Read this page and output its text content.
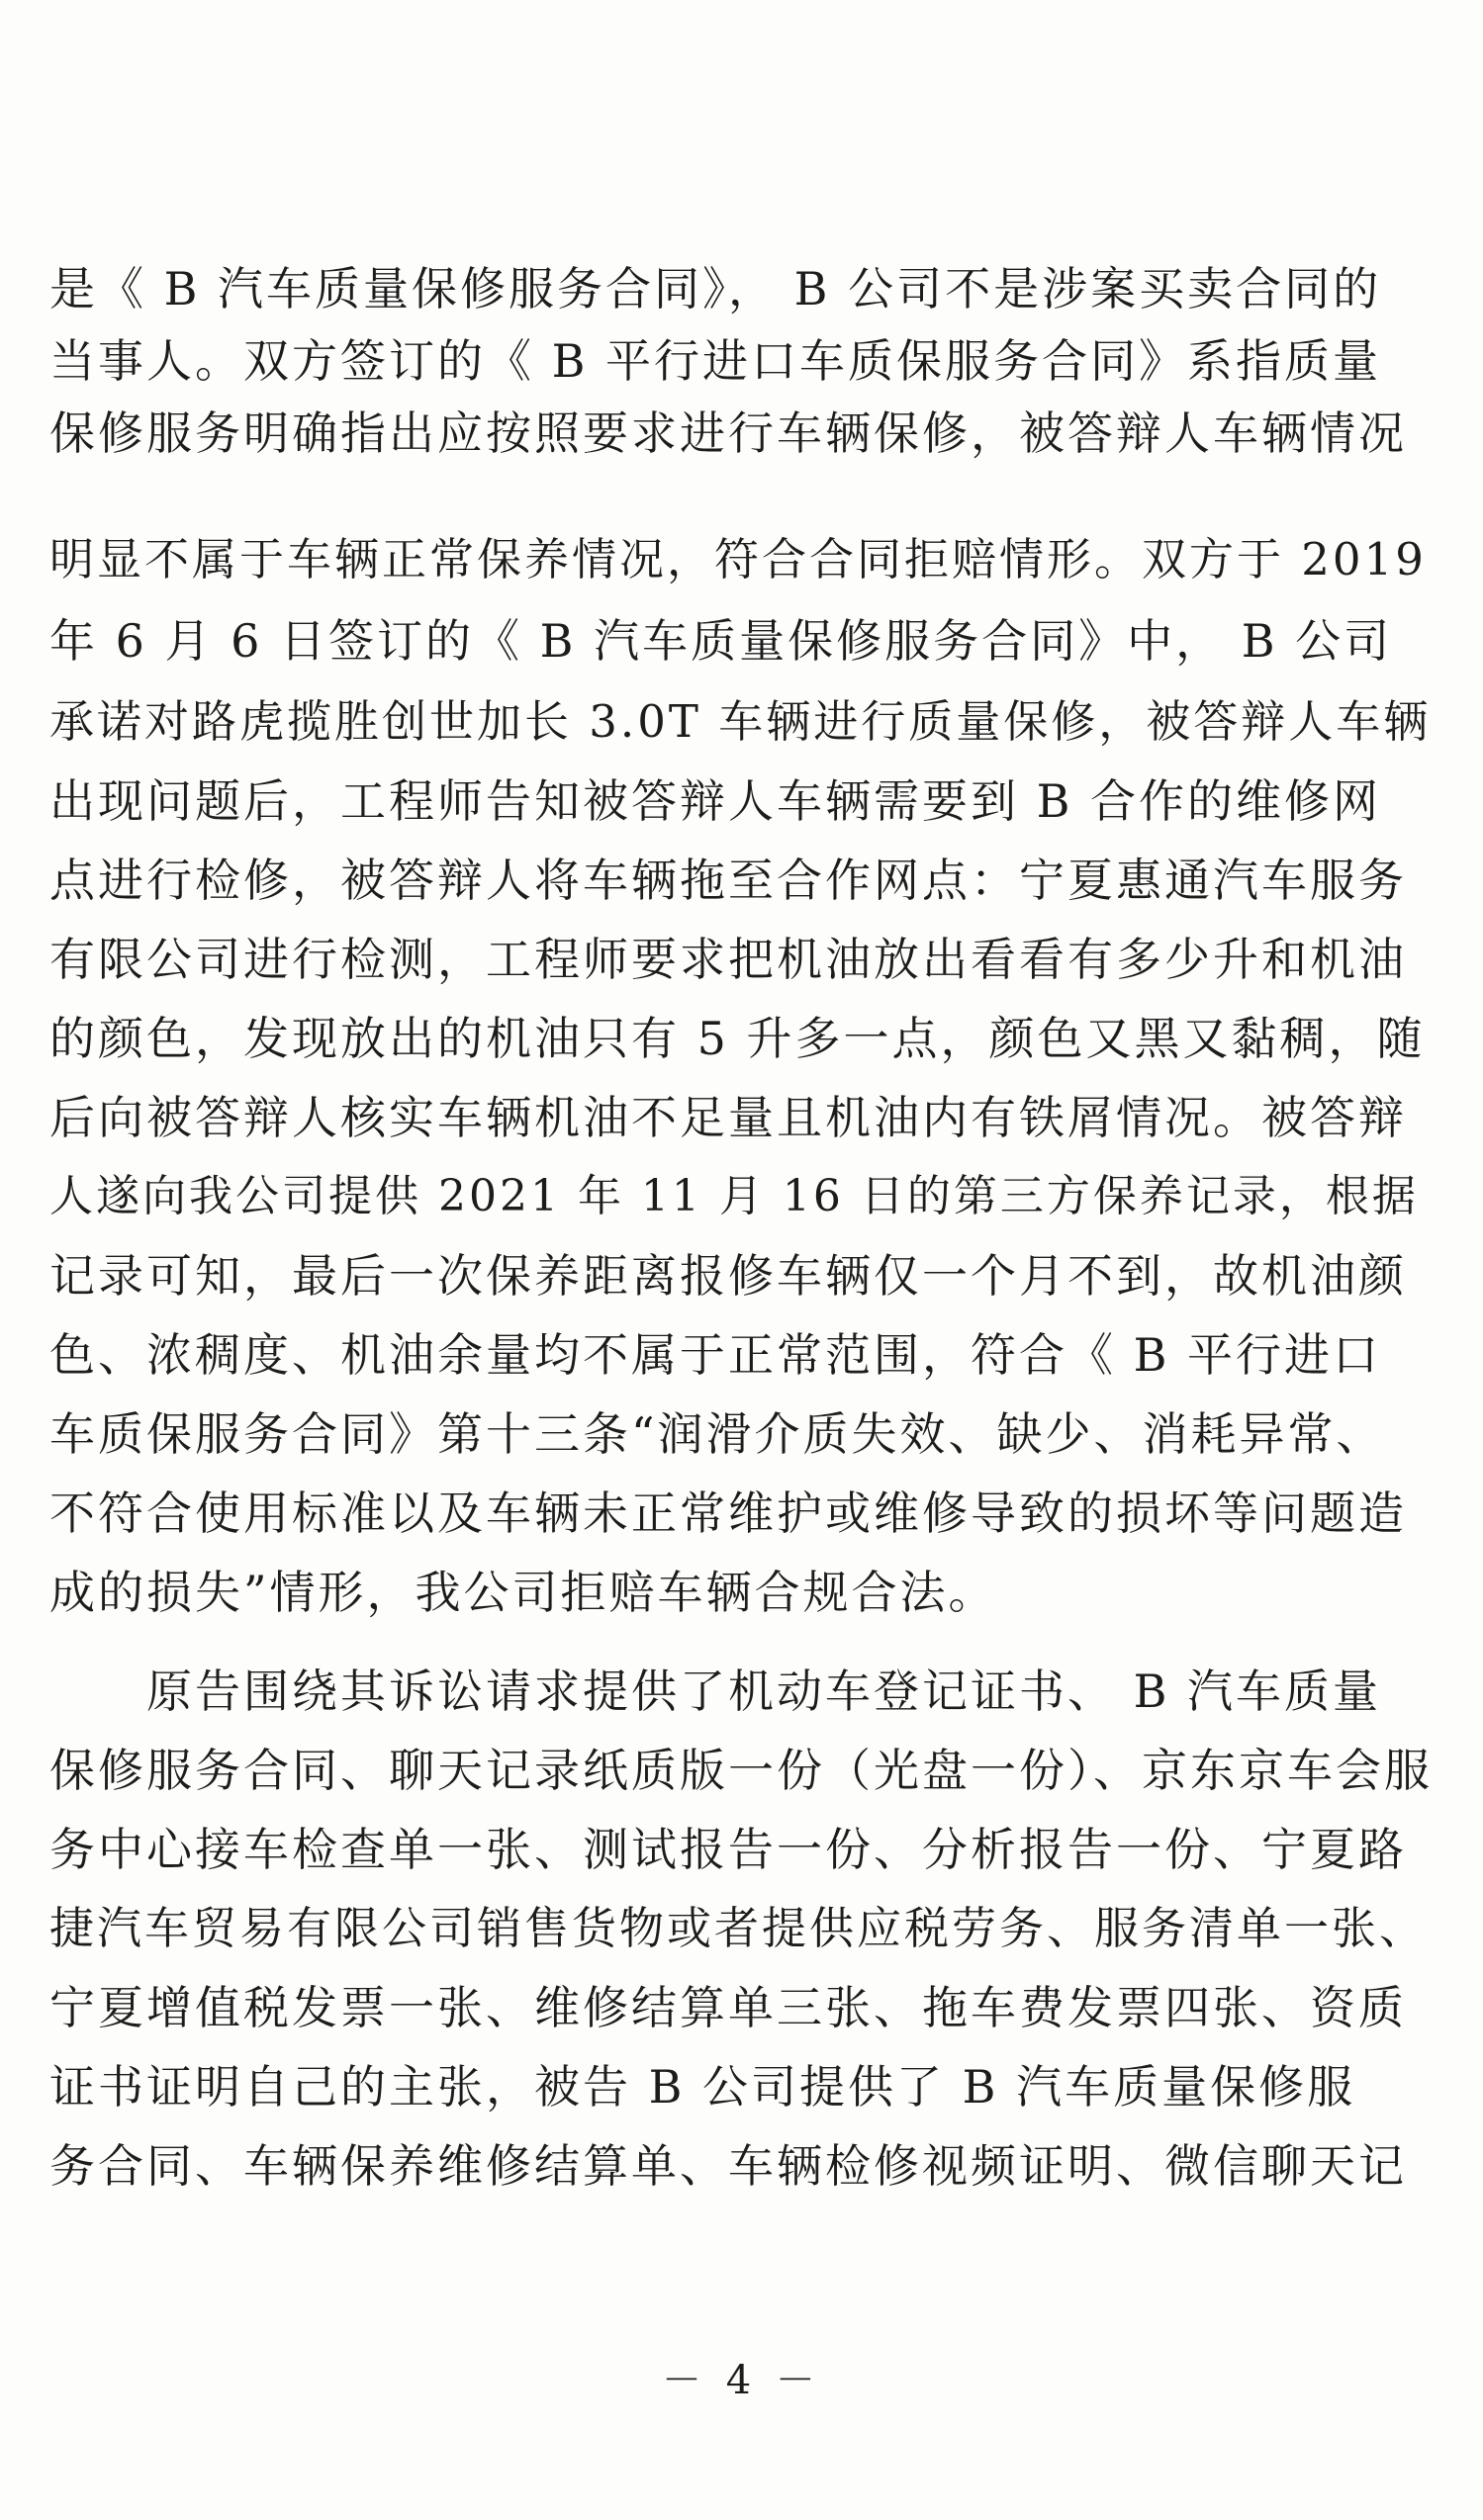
是《 B 汽车质量保修服务合同》， B 公司不是涉案买卖合同的
当事人。双方签订的《 B 平行进口车质保服务合同》系指质量
保修服务明确指出应按照要求进行车辆保修，被答辩人车辆情况
明显不属于车辆正常保养情况，符合合同拒赔情形。双方于 2019
年 6 月 6 日签订的《 B 汽车质量保修服务合同》中， B 公司
承诺对路虎揽胜创世加长 3.0T 车辆进行质量保修，被答辩人车辆
出现问题后，工程师告知被答辩人车辆需要到 B 合作的维修网
点进行检修，被答辩人将车辆拖至合作网点：宁夏惠通汽车服务
有限公司进行检测，工程师要求把机油放出看看有多少升和机油
的颜色，发现放出的机油只有 5 升多一点，颜色又黑又黏稠，随
后向被答辩人核实车辆机油不足量且机油内有铁屑情况。被答辩
人遂向我公司提供 2021 年 11 月 16 日的第三方保养记录，根据
记录可知，最后一次保养距离报修车辆仅一个月不到，故机油颜
色、浓稠度、机油余量均不属于正常范围，符合《 B 平行进口
车质保服务合同》第十三条“润滑介质失效、缺少、消耗异常、
不符合使用标准以及车辆未正常维护或维修导致的损坏等问题造
成的损失”情形，我公司拒赔车辆合规合法。
　　原告围绕其诉讼请求提供了机动车登记证书、 B 汽车质量
保修服务合同、聊天记录纸质版一份（光盘一份）、京东京车会服
务中心接车检查单一张、测试报告一份、分析报告一份、宁夏路
捷汽车贸易有限公司销售货物或者提供应税劳务、服务清单一张、
宁夏增值税发票一张、维修结算单三张、拖车费发票四张、资质
证书证明自己的主张，被告 B 公司提供了 B 汽车质量保修服
务合同、车辆保养维修结算单、车辆检修视频证明、微信聊天记
－ 4 －
